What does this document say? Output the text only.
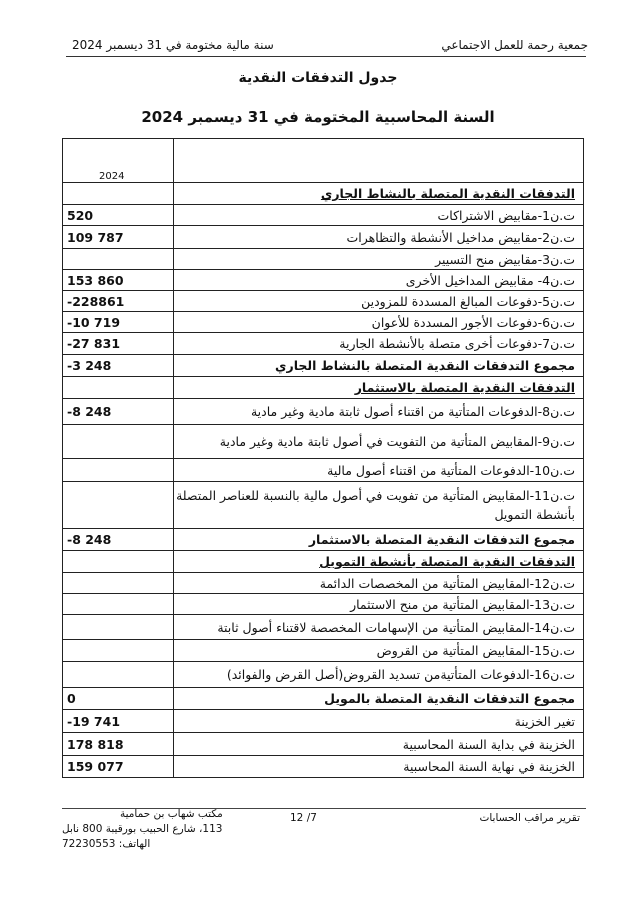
جمعية رحمة للعمل الاجتماعي
سنة مالية مختومة في 31 ديسمبر 2024
جدول التدفقات النقدية
السنة المحاسبية المختومة في 31 ديسمبر 2024
2024	
	التدفقات النقدية المتصلة بالنشاط الجاري
520	ت.ن1-مقابيض الاشتراكات
109 787	ت.ن2-مقابيض مداخيل الأنشطة والتظاهرات
	ت.ن3-مقابيض منح التسيير
153 860	ت.ن4- مقابيض المداخيل الأخرى
-228861	ت.ن5-دفوعات المبالغ المسددة للمزودين
-10 719	ت.ن6-دفوعات الأجور المسددة للأعوان
-27 831	ت.ن7-دفوعات أخرى متصلة بالأنشطة الجارية
-3 248	مجموع التدفقات النقدية المتصلة بالنشاط الجاري
	التدفقات النقدية المتصلة بالاستثمار
-8 248	ت.ن8-الدفوعات المتأتية من اقتناء أصول ثابتة مادية وغير مادية
	ت.ن9-المقابيض المتأتية من التفويت في أصول ثابتة مادية وغير مادية
	ت.ن10-الدفوعات المتأتية من اقتناء أصول مالية
	ت.ن11-المقابيض المتأتية من تفويت في أصول مالية بالنسبة للعناصر المتصلة بأنشطة التمويل
-8 248	مجموع التدفقات النقدية المتصلة بالاستثمار
	التدفقات النقدية المتصلة بأنشطة التمويل
	ت.ن12-المقابيض المتأتية من المخصصات الدائمة
	ت.ن13-المقابيض المتأتية من منح الاستثمار
	ت.ن14-المقابيض المتأتية من الإسهامات المخصصة لاقتناء أصول ثابتة
	ت.ن15-المقابيض المتأتية من القروض
	ت.ن16-الدفوعات المتأتيةمن تسديد القروض(أصل القرض والفوائد)
0	مجموع التدفقات النقدية المتصلة بالمويل
-19 741	تغير الخزينة
178 818	الخزينة في بداية السنة المحاسبية
159 077	الخزينة في نهاية السنة المحاسبية
مكتب شهاب بن حمامية
113، شارع الحبيب بورقيبة 800 نابل
الهاتف: 72230553
12 /7	تقرير مراقب الحسابات
